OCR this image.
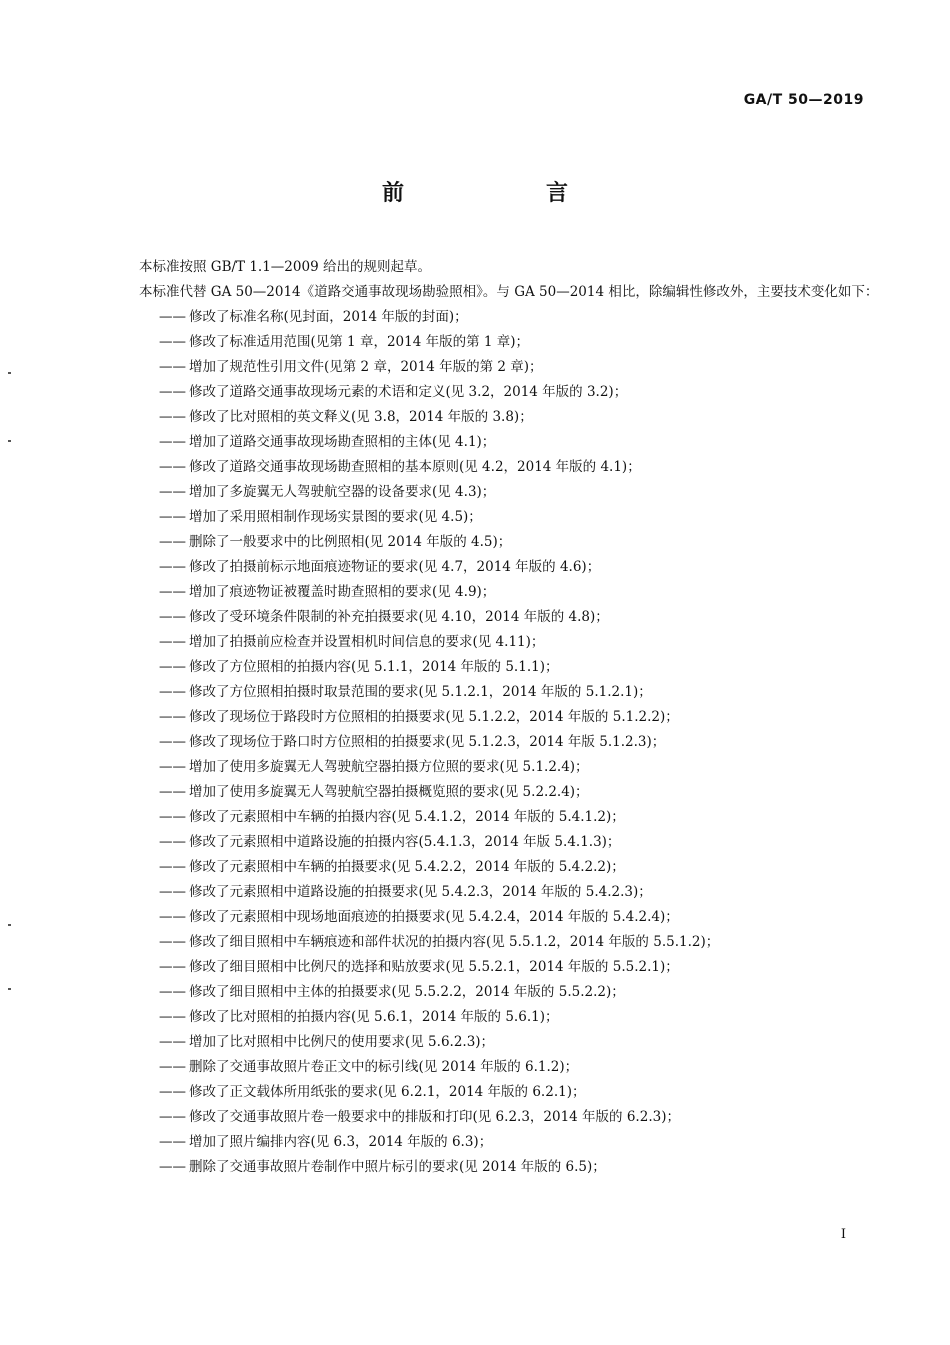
GA/T 50—2019
前　言

本标准按照 GB/T 1.1—2009 给出的规则起草。

本标准代替 GA 50—2014《道路交通事故现场勘验照相》。与 GA 50—2014 相比，除编辑性修改外，主要技术变化如下：

—— 修改了标准名称(见封面，2014 年版的封面)；
—— 修改了标准适用范围(见第 1 章，2014 年版的第 1 章)；
—— 增加了规范性引用文件(见第 2 章，2014 年版的第 2 章)；
—— 修改了道路交通事故现场元素的术语和定义(见 3.2，2014 年版的 3.2)；
—— 修改了比对照相的英文释义(见 3.8，2014 年版的 3.8)；
—— 增加了道路交通事故现场勘查照相的主体(见 4.1)；
—— 修改了道路交通事故现场勘查照相的基本原则(见 4.2，2014 年版的 4.1)；
—— 增加了多旋翼无人驾驶航空器的设备要求(见 4.3)；
—— 增加了采用照相制作现场实景图的要求(见 4.5)；
—— 删除了一般要求中的比例照相(见 2014 年版的 4.5)；
—— 修改了拍摄前标示地面痕迹物证的要求(见 4.7，2014 年版的 4.6)；
—— 增加了痕迹物证被覆盖时勘查照相的要求(见 4.9)；
—— 修改了受环境条件限制的补充拍摄要求(见 4.10，2014 年版的 4.8)；
—— 增加了拍摄前应检查并设置相机时间信息的要求(见 4.11)；
—— 修改了方位照相的拍摄内容(见 5.1.1，2014 年版的 5.1.1)；
—— 修改了方位照相拍摄时取景范围的要求(见 5.1.2.1，2014 年版的 5.1.2.1)；
—— 修改了现场位于路段时方位照相的拍摄要求(见 5.1.2.2，2014 年版的 5.1.2.2)；
—— 修改了现场位于路口时方位照相的拍摄要求(见 5.1.2.3，2014 年版 5.1.2.3)；
—— 增加了使用多旋翼无人驾驶航空器拍摄方位照的要求(见 5.1.2.4)；
—— 增加了使用多旋翼无人驾驶航空器拍摄概览照的要求(见 5.2.2.4)；
—— 修改了元素照相中车辆的拍摄内容(见 5.4.1.2，2014 年版的 5.4.1.2)；
—— 修改了元素照相中道路设施的拍摄内容(5.4.1.3，2014 年版 5.4.1.3)；
—— 修改了元素照相中车辆的拍摄要求(见 5.4.2.2，2014 年版的 5.4.2.2)；
—— 修改了元素照相中道路设施的拍摄要求(见 5.4.2.3，2014 年版的 5.4.2.3)；
—— 修改了元素照相中现场地面痕迹的拍摄要求(见 5.4.2.4，2014 年版的 5.4.2.4)；
—— 修改了细目照相中车辆痕迹和部件状况的拍摄内容(见 5.5.1.2，2014 年版的 5.5.1.2)；
—— 修改了细目照相中比例尺的选择和贴放要求(见 5.5.2.1，2014 年版的 5.5.2.1)；
—— 修改了细目照相中主体的拍摄要求(见 5.5.2.2，2014 年版的 5.5.2.2)；
—— 修改了比对照相的拍摄内容(见 5.6.1，2014 年版的 5.6.1)；
—— 增加了比对照相中比例尺的使用要求(见 5.6.2.3)；
—— 删除了交通事故照片卷正文中的标引线(见 2014 年版的 6.1.2)；
—— 修改了正文载体所用纸张的要求(见 6.2.1，2014 年版的 6.2.1)；
—— 修改了交通事故照片卷一般要求中的排版和打印(见 6.2.3，2014 年版的 6.2.3)；
—— 增加了照片编排内容(见 6.3，2014 年版的 6.3)；
—— 删除了交通事故照片卷制作中照片标引的要求(见 2014 年版的 6.5)；
I
